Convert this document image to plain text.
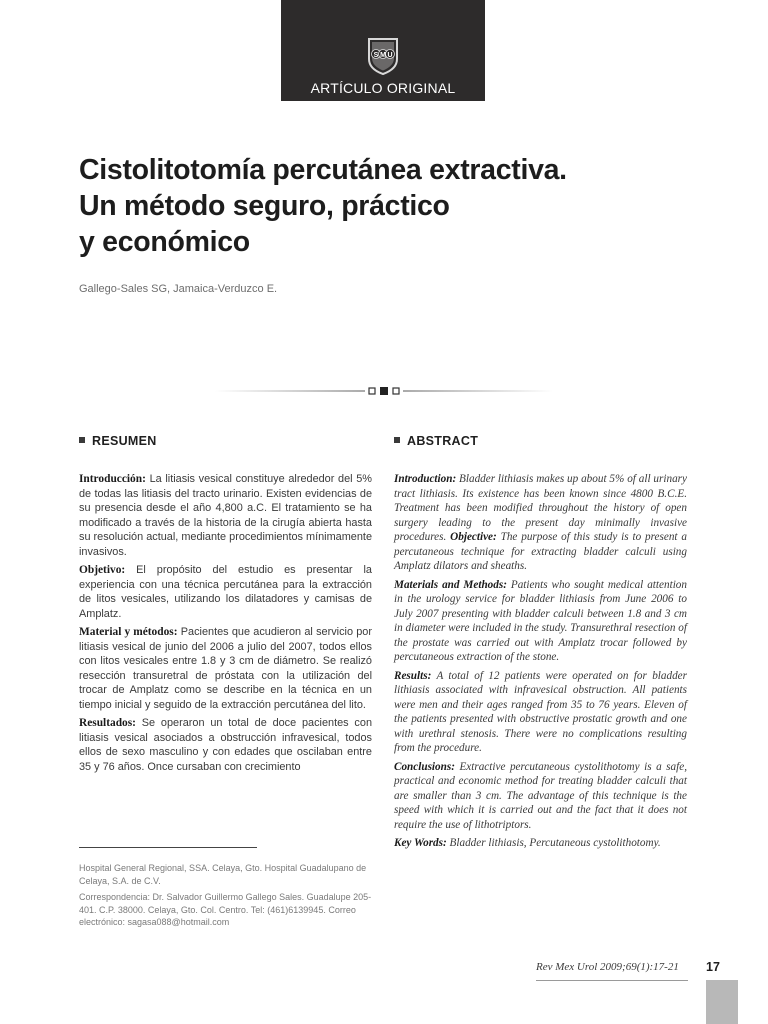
S M U
ARTÍCULO ORIGINAL
Cistolitotomía percutánea extractiva.
Un método seguro, práctico
y económico
Gallego-Sales SG, Jamaica-Verduzco E.
RESUMEN	ABSTRACT

Introducción: La litiasis vesical constituye alrededor del 5% de todas las litiasis del tracto urinario. Existen evidencias de su presencia desde el año 4,800 a.C. El tratamiento se ha modificado a través de la historia de la cirugía abierta hasta su resolución actual, mediante procedimientos mínimamente invasivos.

Objetivo: El propósito del estudio es presentar la experiencia con una técnica percutánea para la extracción de litos vesicales, utilizando los dilatadores y camisas de Amplatz.

Material y métodos: Pacientes que acudieron al servicio por litiasis vesical de junio del 2006 a julio del 2007, todos ellos con litos vesicales entre 1.8 y 3 cm de diámetro. Se realizó resección transuretral de próstata con la utilización del trocar de Amplatz como se describe en la técnica en un tiempo inicial y seguido de la extracción percutánea del lito.

Resultados: Se operaron un total de doce pacientes con litiasis vesical asociados a obstrucción infravesical, todos ellos de sexo masculino y con edades que oscilaban entre 35 y 76 años. Once cursaban con crecimiento

Introduction: Bladder lithiasis makes up about 5% of all urinary tract lithiasis. Its existence has been known since 4800 B.C.E. Treatment has been modified throughout the history of open surgery leading to the present day minimally invasive procedures. Objective: The purpose of this study is to present a percutaneous technique for extracting bladder calculi using Amplatz dilators and sheaths.

Materials and Methods: Patients who sought medical attention in the urology service for bladder lithiasis from June 2006 to July 2007 presenting with bladder calculi between 1.8 and 3 cm in diameter were included in the study. Transurethral resection of the prostate was carried out with Amplatz trocar followed by percutaneous extraction of the stone.

Results: A total of 12 patients were operated on for bladder lithiasis associated with infravesical obstruction. All patients were men and their ages ranged from 35 to 76 years. Eleven of the patients presented with obstructive prostatic growth and one with urethral stenosis. There were no complications resulting from the procedure.

Conclusions: Extractive percutaneous cystolithotomy is a safe, practical and economic method for treating bladder calculi that are smaller than 3 cm. The advantage of this technique is the speed with which it is carried out and the fact that it does not require the use of lithotriptors.

Key Words: Bladder lithiasis, Percutaneous cystolithotomy.

Hospital General Regional, SSA. Celaya, Gto. Hospital Guadalupano de Celaya, S.A. de C.V.

Correspondencia: Dr. Salvador Guillermo Gallego Sales. Guadalupe 205-401. C.P. 38000. Celaya, Gto. Col. Centro. Tel: (461)6139945. Correo electrónico: sagasa088@hotmail.com

Rev Mex Urol 2009;69(1):17-21 17
